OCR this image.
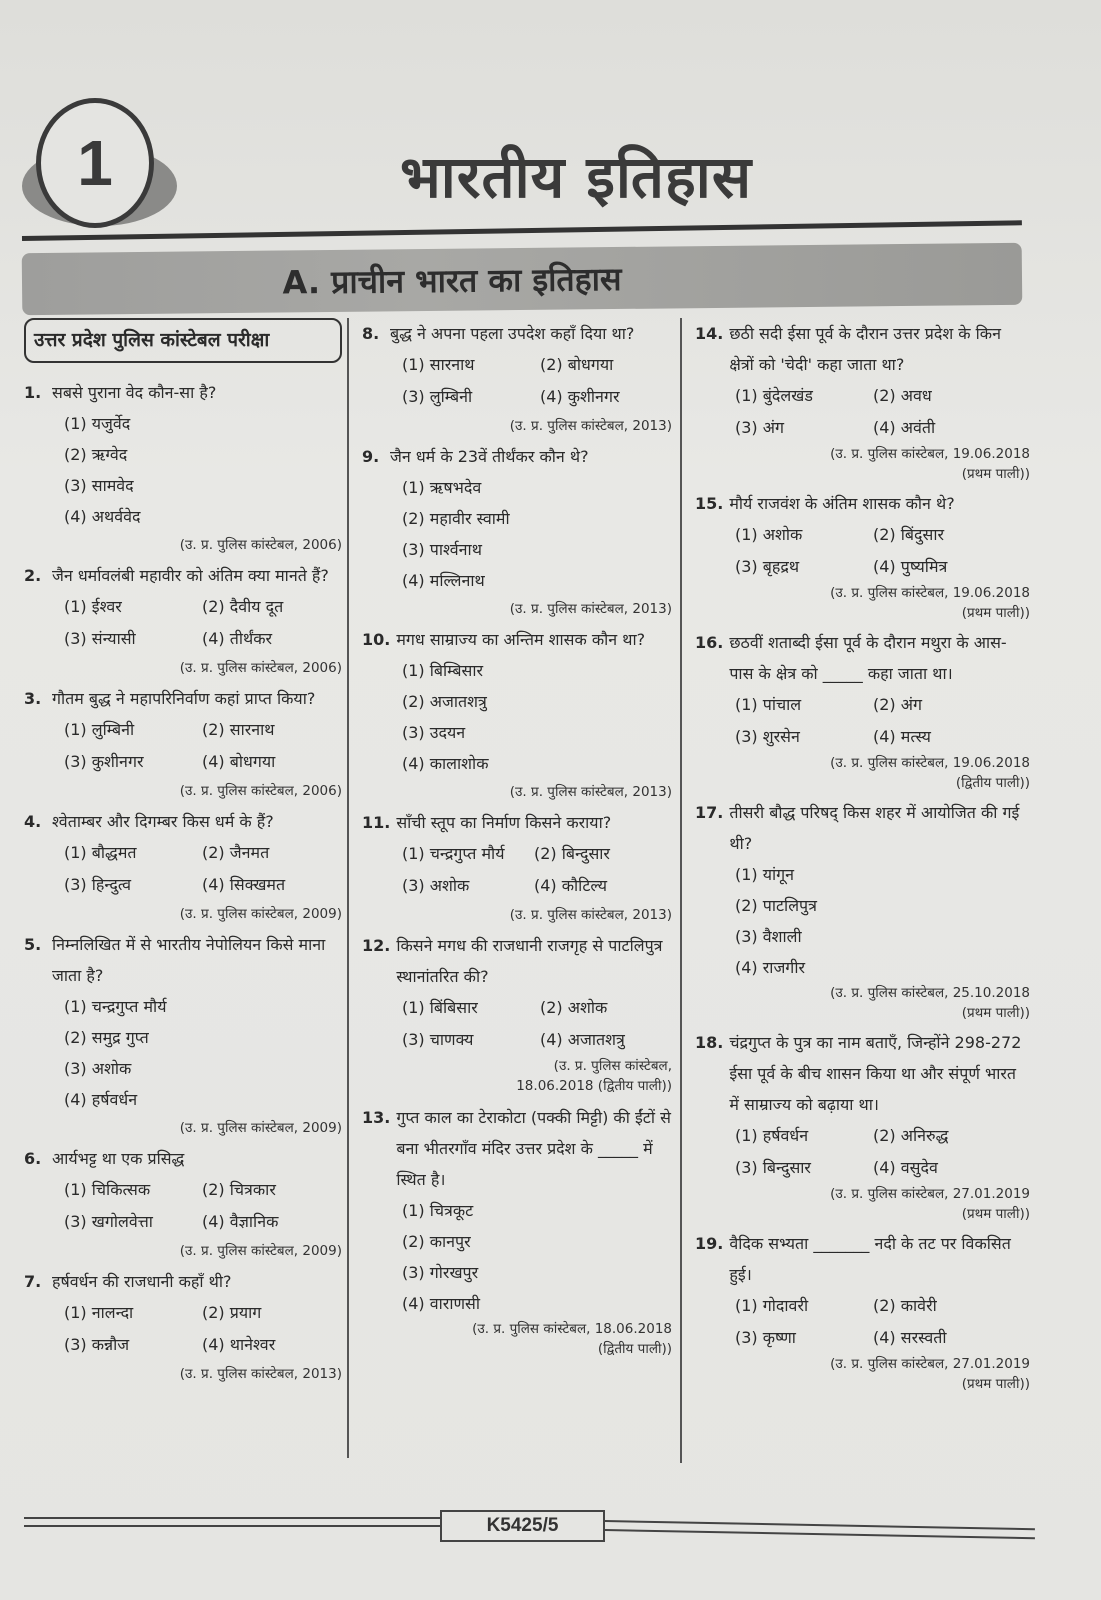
1	भारतीय इतिहास
A. प्राचीन भारत का इतिहास
उत्तर प्रदेश पुलिस कांस्टेबल परीक्षा
1. सबसे पुराना वेद कौन-सा है?
(1) यजुर्वेद
(2) ऋग्वेद
(3) सामवेद
(4) अथर्ववेद
(उ. प्र. पुलिस कांस्टेबल, 2006)
2. जैन धर्मावलंबी महावीर को अंतिम क्या मानते हैं?
(1) ईश्वर	(2) दैवीय दूत
(3) संन्यासी	(4) तीर्थंकर
(उ. प्र. पुलिस कांस्टेबल, 2006)
3. गौतम बुद्ध ने महापरिनिर्वाण कहां प्राप्त किया?
(1) लुम्बिनी	(2) सारनाथ
(3) कुशीनगर	(4) बोधगया
(उ. प्र. पुलिस कांस्टेबल, 2006)
4. श्वेताम्बर और दिगम्बर किस धर्म के हैं?
(1) बौद्धमत	(2) जैनमत
(3) हिन्दुत्व	(4) सिक्खमत
(उ. प्र. पुलिस कांस्टेबल, 2009)
5. निम्नलिखित में से भारतीय नेपोलियन किसे माना जाता है?
(1) चन्द्रगुप्त मौर्य
(2) समुद्र गुप्त
(3) अशोक
(4) हर्षवर्धन
(उ. प्र. पुलिस कांस्टेबल, 2009)
6. आर्यभट्ट था एक प्रसिद्ध
(1) चिकित्सक	(2) चित्रकार
(3) खगोलवेत्ता	(4) वैज्ञानिक
(उ. प्र. पुलिस कांस्टेबल, 2009)
7. हर्षवर्धन की राजधानी कहाँ थी?
(1) नालन्दा	(2) प्रयाग
(3) कन्नौज	(4) थानेश्वर
(उ. प्र. पुलिस कांस्टेबल, 2013)
8. बुद्ध ने अपना पहला उपदेश कहाँ दिया था?
(1) सारनाथ	(2) बोधगया
(3) लुम्बिनी	(4) कुशीनगर
(उ. प्र. पुलिस कांस्टेबल, 2013)
9. जैन धर्म के 23वें तीर्थंकर कौन थे?
(1) ऋषभदेव
(2) महावीर स्वामी
(3) पार्श्वनाथ
(4) मल्लिनाथ
(उ. प्र. पुलिस कांस्टेबल, 2013)
10. मगध साम्राज्य का अन्तिम शासक कौन था?
(1) बिम्बिसार
(2) अजातशत्रु
(3) उदयन
(4) कालाशोक
(उ. प्र. पुलिस कांस्टेबल, 2013)
11. साँची स्तूप का निर्माण किसने कराया?
(1) चन्द्रगुप्त मौर्य	(2) बिन्दुसार
(3) अशोक	(4) कौटिल्य
(उ. प्र. पुलिस कांस्टेबल, 2013)
12. किसने मगध की राजधानी राजगृह से पाटलिपुत्र स्थानांतरित की?
(1) बिंबिसार	(2) अशोक
(3) चाणक्य	(4) अजातशत्रु
(उ. प्र. पुलिस कांस्टेबल,
18.06.2018 (द्वितीय पाली))
13. गुप्त काल का टेराकोटा (पक्की मिट्टी) की ईंटों से बना भीतरगाँव मंदिर उत्तर प्रदेश के _____ में स्थित है।
(1) चित्रकूट
(2) कानपुर
(3) गोरखपुर
(4) वाराणसी
(उ. प्र. पुलिस कांस्टेबल, 18.06.2018
(द्वितीय पाली))
14. छठी सदी ईसा पूर्व के दौरान उत्तर प्रदेश के किन क्षेत्रों को 'चेदी' कहा जाता था?
(1) बुंदेलखंड	(2) अवध
(3) अंग	(4) अवंती
(उ. प्र. पुलिस कांस्टेबल, 19.06.2018
(प्रथम पाली))
15. मौर्य राजवंश के अंतिम शासक कौन थे?
(1) अशोक	(2) बिंदुसार
(3) बृहद्रथ	(4) पुष्यमित्र
(उ. प्र. पुलिस कांस्टेबल, 19.06.2018
(प्रथम पाली))
16. छठवीं शताब्दी ईसा पूर्व के दौरान मथुरा के आस-पास के क्षेत्र को _____ कहा जाता था।
(1) पांचाल	(2) अंग
(3) शुरसेन	(4) मत्स्य
(उ. प्र. पुलिस कांस्टेबल, 19.06.2018
(द्वितीय पाली))
17. तीसरी बौद्ध परिषद् किस शहर में आयोजित की गई थी?
(1) यांगून
(2) पाटलिपुत्र
(3) वैशाली
(4) राजगीर
(उ. प्र. पुलिस कांस्टेबल, 25.10.2018
(प्रथम पाली))
18. चंद्रगुप्त के पुत्र का नाम बताएँ, जिन्होंने 298-272 ईसा पूर्व के बीच शासन किया था और संपूर्ण भारत में साम्राज्य को बढ़ाया था।
(1) हर्षवर्धन	(2) अनिरुद्ध
(3) बिन्दुसार	(4) वसुदेव
(उ. प्र. पुलिस कांस्टेबल, 27.01.2019
(प्रथम पाली))
19. वैदिक सभ्यता _______ नदी के तट पर विकसित हुई।
(1) गोदावरी	(2) कावेरी
(3) कृष्णा	(4) सरस्वती
(उ. प्र. पुलिस कांस्टेबल, 27.01.2019
(प्रथम पाली))
K5425/5
